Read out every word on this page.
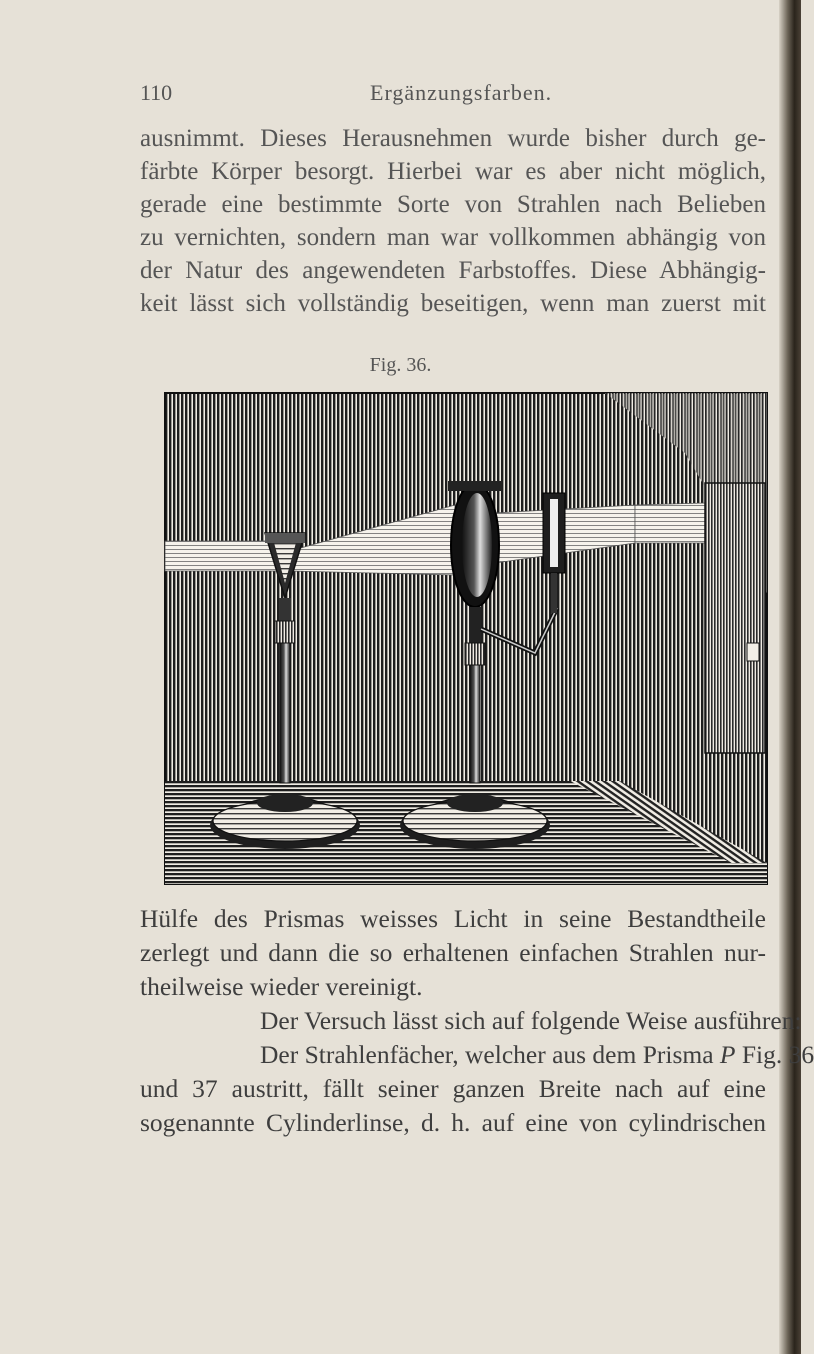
110	Ergänzungsfarben.
ausnimmt. Dieses Herausnehmen wurde bisher durch ge-
färbte Körper besorgt. Hierbei war es aber nicht möglich,
gerade eine bestimmte Sorte von Strahlen nach Belieben
zu vernichten, sondern man war vollkommen abhängig von
der Natur des angewendeten Farbstoffes. Diese Abhängig-
keit lässt sich vollständig beseitigen, wenn man zuerst mit
Fig. 36.
Hülfe des Prismas weisses Licht in seine Bestandtheile
zerlegt und dann die so erhaltenen einfachen Strahlen nur-
theilweise wieder vereinigt.
Der Versuch lässt sich auf folgende Weise ausführen:
Der Strahlenfächer, welcher aus dem Prisma P Fig. 36
und 37 austritt, fällt seiner ganzen Breite nach auf eine
sogenannte Cylinderlinse, d. h. auf eine von cylindrischen
